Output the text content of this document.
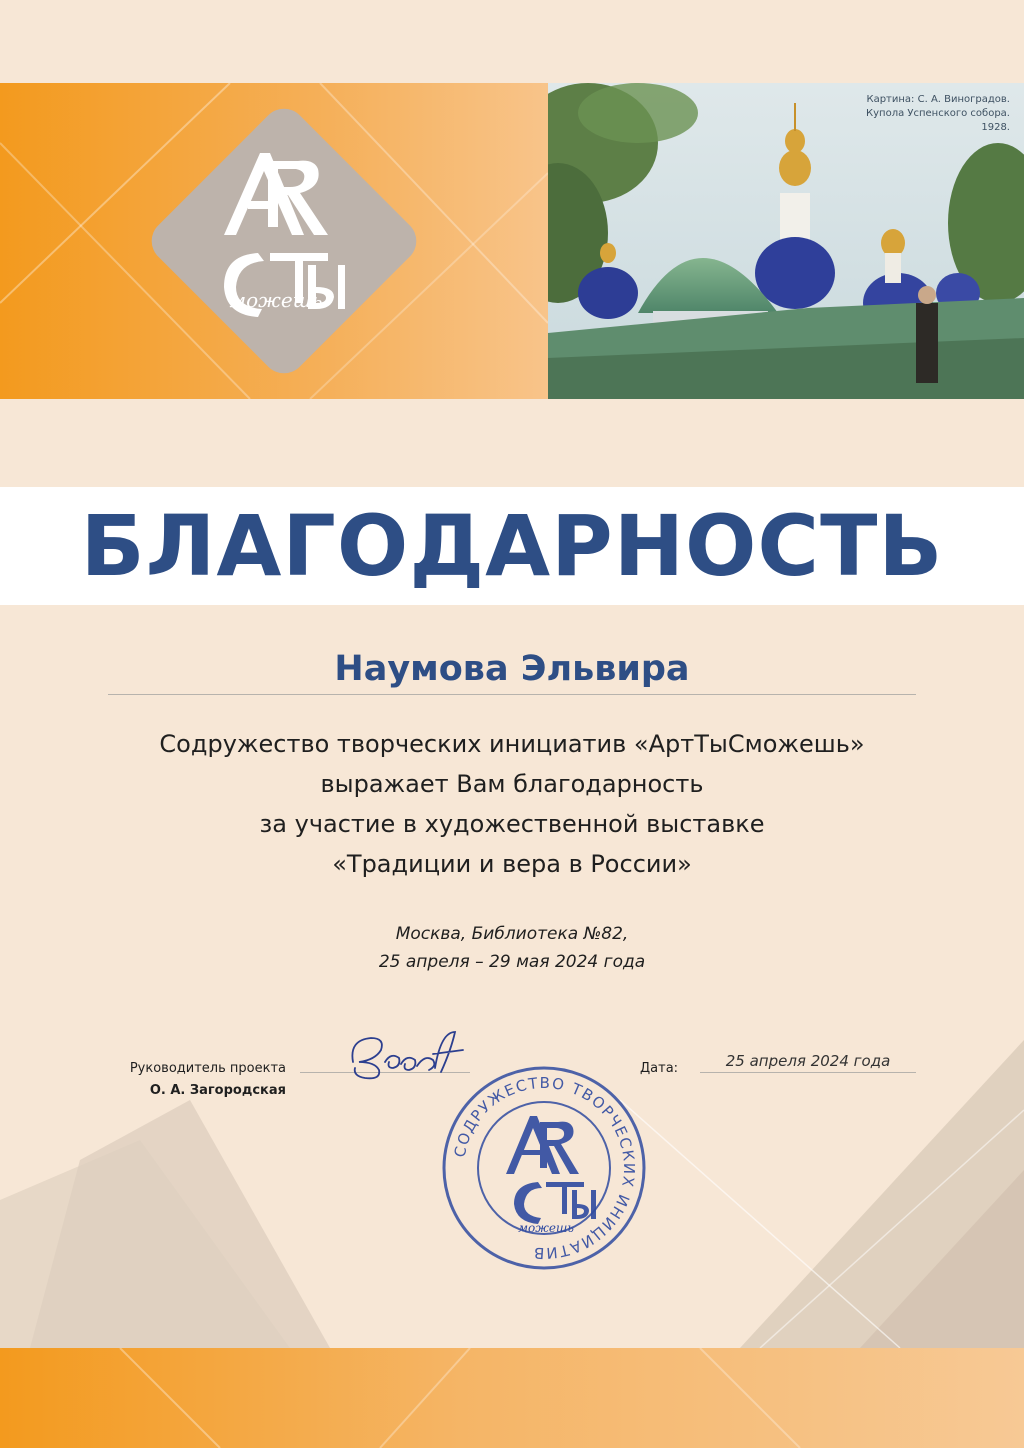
Картина: С. А. Виноградов.
Купола Успенского собора.
1928.
можешь
БЛАГОДАРНОСТЬ
Наумова Эльвира
Содружество творческих инициатив «АртТыСможешь»
выражает Вам благодарность
за участие в художественной выставке
«Традиции и вера в России»
Москва, Библиотека №82,
25 апреля – 29 мая 2024 года
Руководитель проекта
О. А. Загородская
Дата:	25 апреля 2024 года
СОДРУЖЕСТВО ТВОРЧЕСКИХ ИНИЦИАТИВ
можешь
